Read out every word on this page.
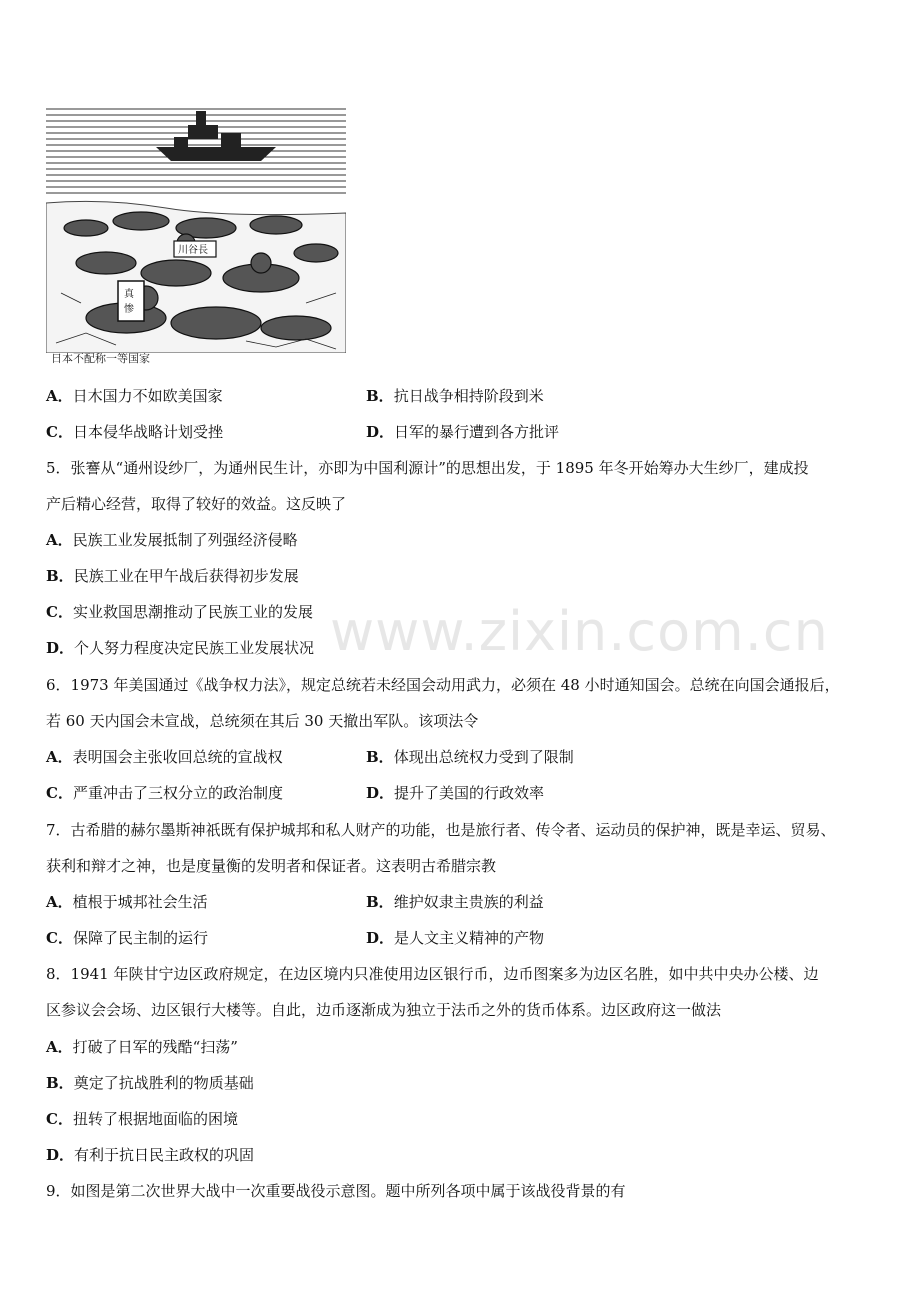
真
惨
川谷長
日本不配称一等国家
A．日木国力不如欧美国家	B．抗日战争相持阶段到米
C．日本侵华战略计划受挫	D．日军的暴行遭到各方批评
5．张謇从“通州设纱厂，为通州民生计，亦即为中国利源计”的思想出发，于 1895 年冬开始筹办大生纱厂，建成投
产后精心经营，取得了较好的效益。这反映了
A．民族工业发展抵制了列强经济侵略
B．民族工业在甲午战后获得初步发展
C．实业救国思潮推动了民族工业的发展
D．个人努力程度决定民族工业发展状况 www.zixin.com.cn
6．1973 年美国通过《战争权力法》，规定总统若未经国会动用武力，必须在 48 小时通知国会。总统在向国会通报后，
若 60 天内国会未宣战，总统须在其后 30 天撤出军队。该项法令
A．表明国会主张收回总统的宣战权	B．体现出总统权力受到了限制
C．严重冲击了三权分立的政治制度	D．提升了美国的行政效率
7．古希腊的赫尔墨斯神祇既有保护城邦和私人财产的功能，也是旅行者、传令者、运动员的保护神，既是幸运、贸易、
获利和辩才之神，也是度量衡的发明者和保证者。这表明古希腊宗教
A．植根于城邦社会生活	B．维护奴隶主贵族的利益
C．保障了民主制的运行	D．是人文主义精神的产物
8．1941 年陕甘宁边区政府规定，在边区境内只准使用边区银行币，边币图案多为边区名胜，如中共中央办公楼、边
区参议会会场、边区银行大楼等。自此，边币逐渐成为独立于法币之外的货币体系。边区政府这一做法
A．打破了日军的残酷“扫荡”
B．奠定了抗战胜利的物质基础
C．扭转了根据地面临的困境
D．有利于抗日民主政权的巩固
9．如图是第二次世界大战中一次重要战役示意图。题中所列各项中属于该战役背景的有
